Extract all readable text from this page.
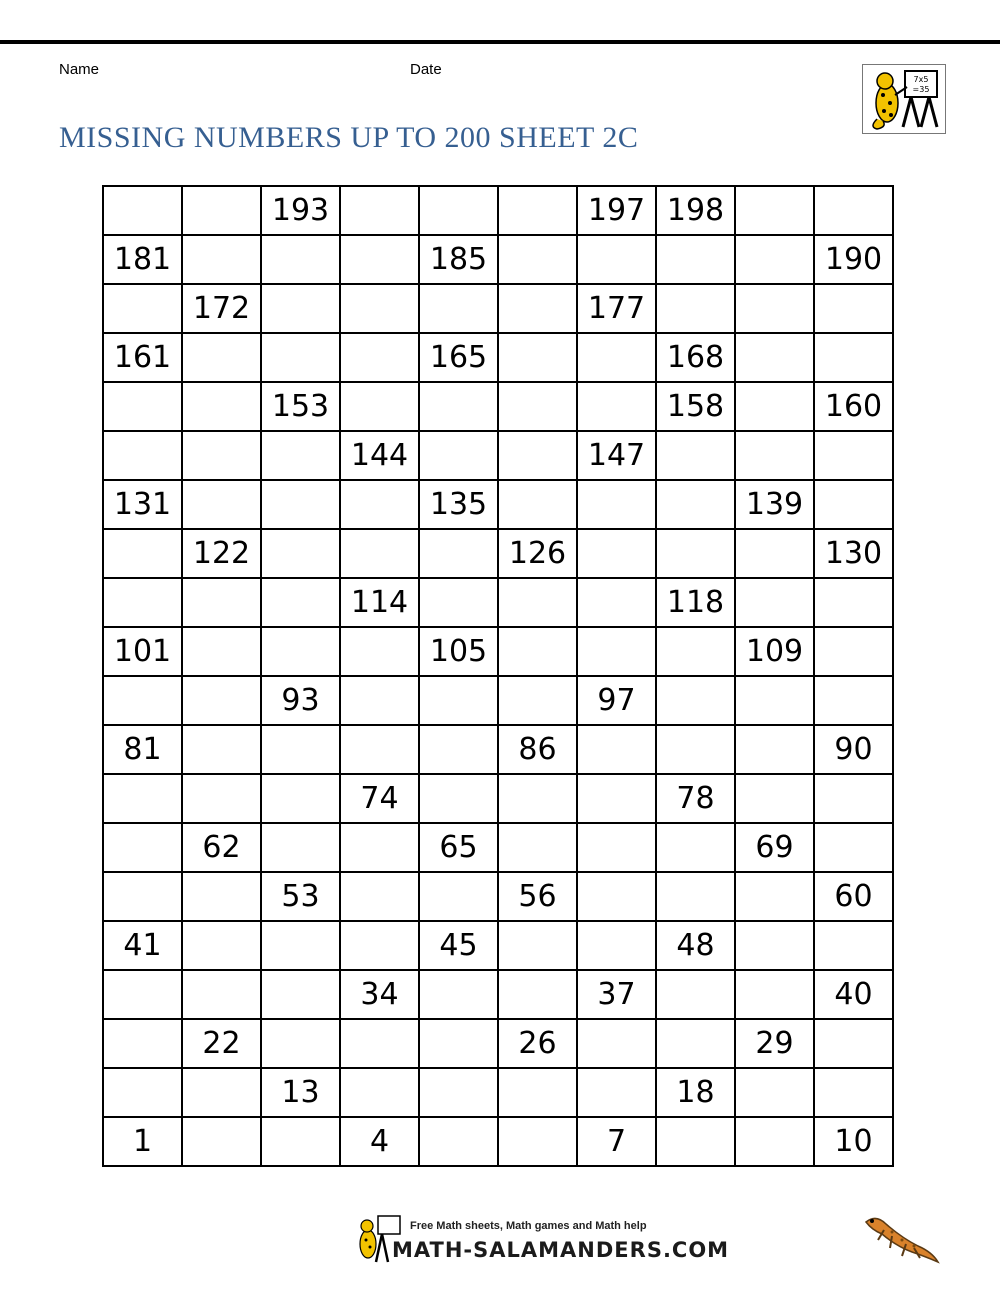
Name	Date
7x5
=35
MISSING NUMBERS UP TO 200 SHEET 2C
		193				197	198		
181				185					190
	172					177			
161				165			168		
		153					158		160
			144			147			
131				135				139	
	122				126				130
			114				118		
101				105				109	
		93				97			
81					86				90
			74				78		
	62			65				69	
		53			56				60
41				45			48		
			34			37			40
	22				26			29	
		13					18		
1			4			7			10
Free Math sheets, Math games and Math help
MATH-SALAMANDERS.COM
